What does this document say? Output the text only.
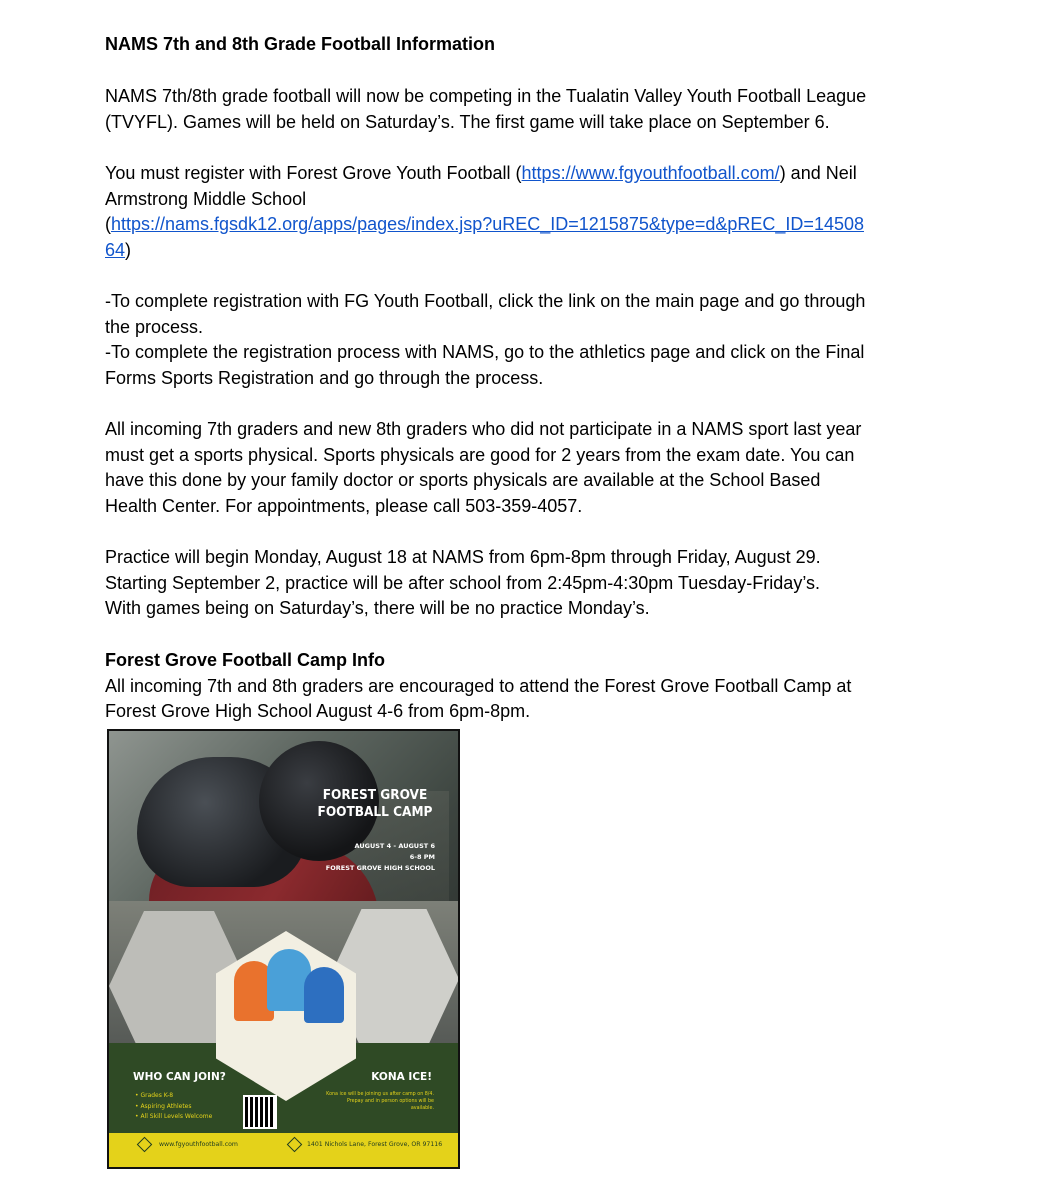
NAMS 7th and 8th Grade Football Information
NAMS 7th/8th grade football will now be competing in the Tualatin Valley Youth Football League
(TVYFL). Games will be held on Saturday’s. The first game will take place on September 6.
You must register with Forest Grove Youth Football (https://www.fgyouthfootball.com/) and Neil
Armstrong Middle School
(https://nams.fgsdk12.org/apps/pages/index.jsp?uREC_ID=1215875&type=d&pREC_ID=14508
64)
-To complete registration with FG Youth Football, click the link on the main page and go through
the process.
-To complete the registration process with NAMS, go to the athletics page and click on the Final
Forms Sports Registration and go through the process.
All incoming 7th graders and new 8th graders who did not participate in a NAMS sport last year
must get a sports physical. Sports physicals are good for 2 years from the exam date. You can
have this done by your family doctor or sports physicals are available at the School Based
Health Center. For appointments, please call 503-359-4057.
Practice will begin Monday, August 18 at NAMS from 6pm-8pm through Friday, August 29.
Starting September 2, practice will be after school from 2:45pm-4:30pm Tuesday-Friday’s.
With games being on Saturday’s, there will be no practice Monday’s.
Forest Grove Football Camp Info
All incoming 7th and 8th graders are encouraged to attend the Forest Grove Football Camp at
Forest Grove High School August 4-6 from 6pm-8pm.
FOREST GROVE
FOOTBALL CAMP
AUGUST 4 - AUGUST 6
6-8 PM
FOREST GROVE HIGH SCHOOL
WHO CAN JOIN?	KONA ICE!
• Grades K-8
• Aspiring Athletes
• All Skill Levels Welcome
Kona ice will be joining us after camp on 8/4. Prepay and in person options will be available.
www.fgyouthfootball.com	1401 Nichols Lane, Forest Grove, OR 97116
